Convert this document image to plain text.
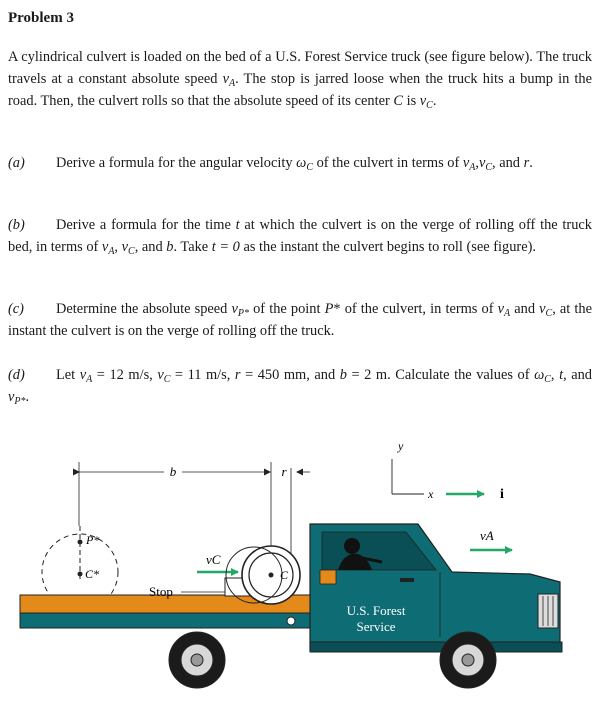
Problem 3
A cylindrical culvert is loaded on the bed of a U.S. Forest Service truck (see figure below). The truck travels at a constant absolute speed $v_A$. The stop is jarred loose when the truck hits a bump in the road. Then, the culvert rolls so that the absolute speed of its center C is $v_C$.
(a) Derive a formula for the angular velocity $\omega_C$ of the culvert in terms of $v_A,v_C$, and r.
(b) Derive a formula for the time t at which the culvert is on the verge of rolling off the truck bed, in terms of $v_A$, $v_C$, and b. Take t = 0 as the instant the culvert begins to roll (see figure).
(c) Determine the absolute speed $v_{P*}$ of the point P* of the culvert, in terms of $v_A$ and $v_C$, at the instant the culvert is on the verge of rolling off the truck.
(d) Let $v_A = 12$ m/s, $v_C = 11$ m/s, r = 450 mm, and b = 2 m. Calculate the values of $\omega_C$, t, and $v_{P*}$.
b	r
y
x	i
P*
C*
vC
Stop
C
U.S. Forest
Service
vA
